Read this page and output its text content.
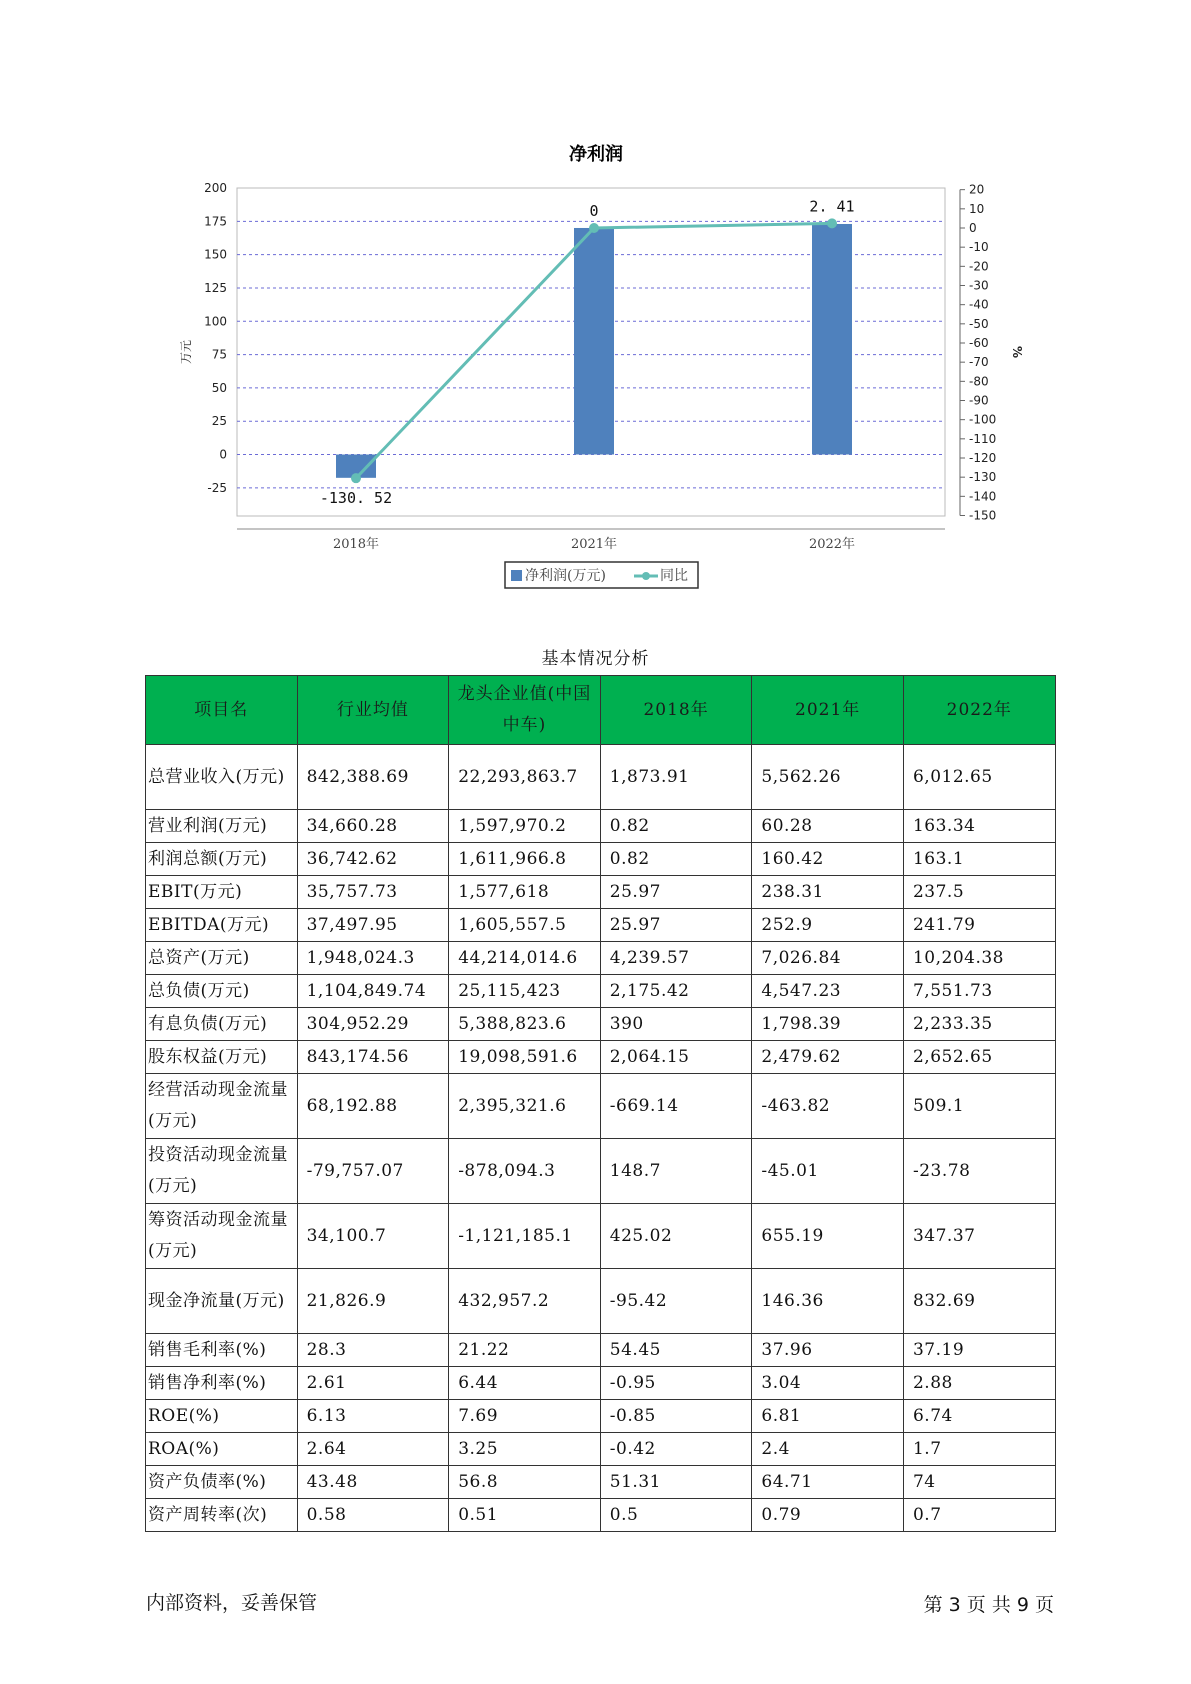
净利润
200
175
150
125
100
75
50
25
0
-25
20
10
0
-10
-20
-30
-40
-50
-60
-70
-80
-90
-100
-110
-120
-130
-140
-150
万元	%
2018年	2021年	2022年
-130. 52
0	2. 41
净利润(万元)	同比
基本情况分析
项目名	行业均值	龙头企业值(中国中车)	2018年	2021年	2022年
总营业收入(万元)	842,388.69	22,293,863.7	1,873.91	5,562.26	6,012.65
营业利润(万元)	34,660.28	1,597,970.2	0.82	60.28	163.34
利润总额(万元)	36,742.62	1,611,966.8	0.82	160.42	163.1
EBIT(万元)	35,757.73	1,577,618	25.97	238.31	237.5
EBITDA(万元)	37,497.95	1,605,557.5	25.97	252.9	241.79
总资产(万元)	1,948,024.3	44,214,014.6	4,239.57	7,026.84	10,204.38
总负债(万元)	1,104,849.74	25,115,423	2,175.42	4,547.23	7,551.73
有息负债(万元)	304,952.29	5,388,823.6	390	1,798.39	2,233.35
股东权益(万元)	843,174.56	19,098,591.6	2,064.15	2,479.62	2,652.65
经营活动现金流量(万元)	68,192.88	2,395,321.6	-669.14	-463.82	509.1
投资活动现金流量(万元)	-79,757.07	-878,094.3	148.7	-45.01	-23.78
筹资活动现金流量(万元)	34,100.7	-1,121,185.1	425.02	655.19	347.37
现金净流量(万元)	21,826.9	432,957.2	-95.42	146.36	832.69
销售毛利率(%)	28.3	21.22	54.45	37.96	37.19
销售净利率(%)	2.61	6.44	-0.95	3.04	2.88
ROE(%)	6.13	7.69	-0.85	6.81	6.74
ROA(%)	2.64	3.25	-0.42	2.4	1.7
资产负债率(%)	43.48	56.8	51.31	64.71	74
资产周转率(次)	0.58	0.51	0.5	0.79	0.7
内部资料，妥善保管	第 3 页 共 9 页
